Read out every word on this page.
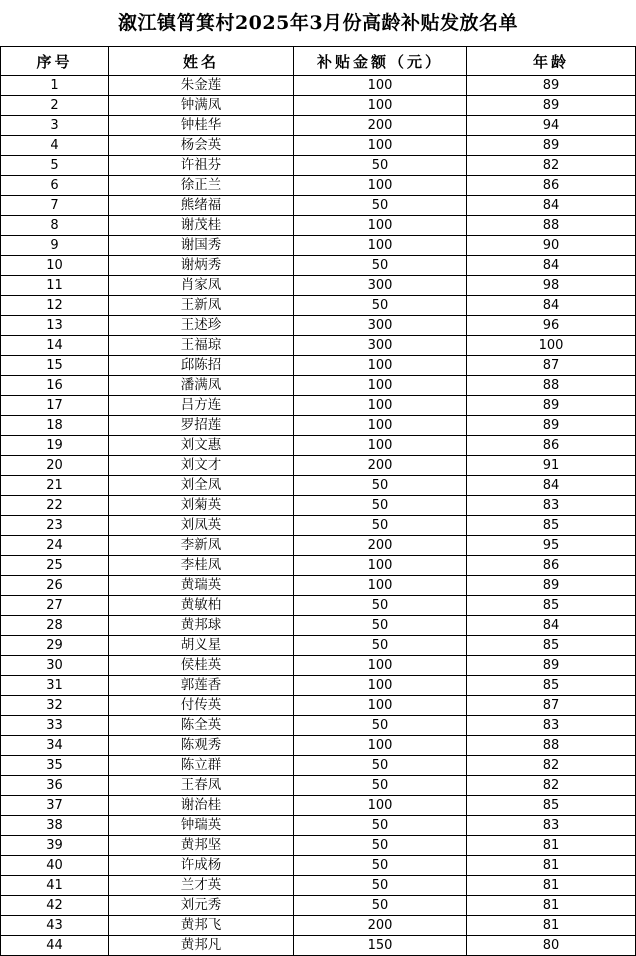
溆江镇筲箕村2025年3月份高龄补贴发放名单
序号	姓名	补贴金额（元）	年龄
1	朱金莲	100	89
2	钟满凤	100	89
3	钟桂华	200	94
4	杨会英	100	89
5	许祖芬	50	82
6	徐正兰	100	86
7	熊绪福	50	84
8	谢茂桂	100	88
9	谢国秀	100	90
10	谢炳秀	50	84
11	肖家凤	300	98
12	王新凤	50	84
13	王述珍	300	96
14	王福琼	300	100
15	邱陈招	100	87
16	潘满凤	100	88
17	吕方连	100	89
18	罗招莲	100	89
19	刘文惠	100	86
20	刘文才	200	91
21	刘全凤	50	84
22	刘菊英	50	83
23	刘凤英	50	85
24	李新凤	200	95
25	李桂凤	100	86
26	黄瑞英	100	89
27	黄敏柏	50	85
28	黄邦球	50	84
29	胡义星	50	85
30	侯桂英	100	89
31	郭莲香	100	85
32	付传英	100	87
33	陈全英	50	83
34	陈观秀	100	88
35	陈立群	50	82
36	王春凤	50	82
37	谢治桂	100	85
38	钟瑞英	50	83
39	黄邦坚	50	81
40	许成杨	50	81
41	兰才英	50	81
42	刘元秀	50	81
43	黄邦飞	200	81
44	黄邦凡	150	80
